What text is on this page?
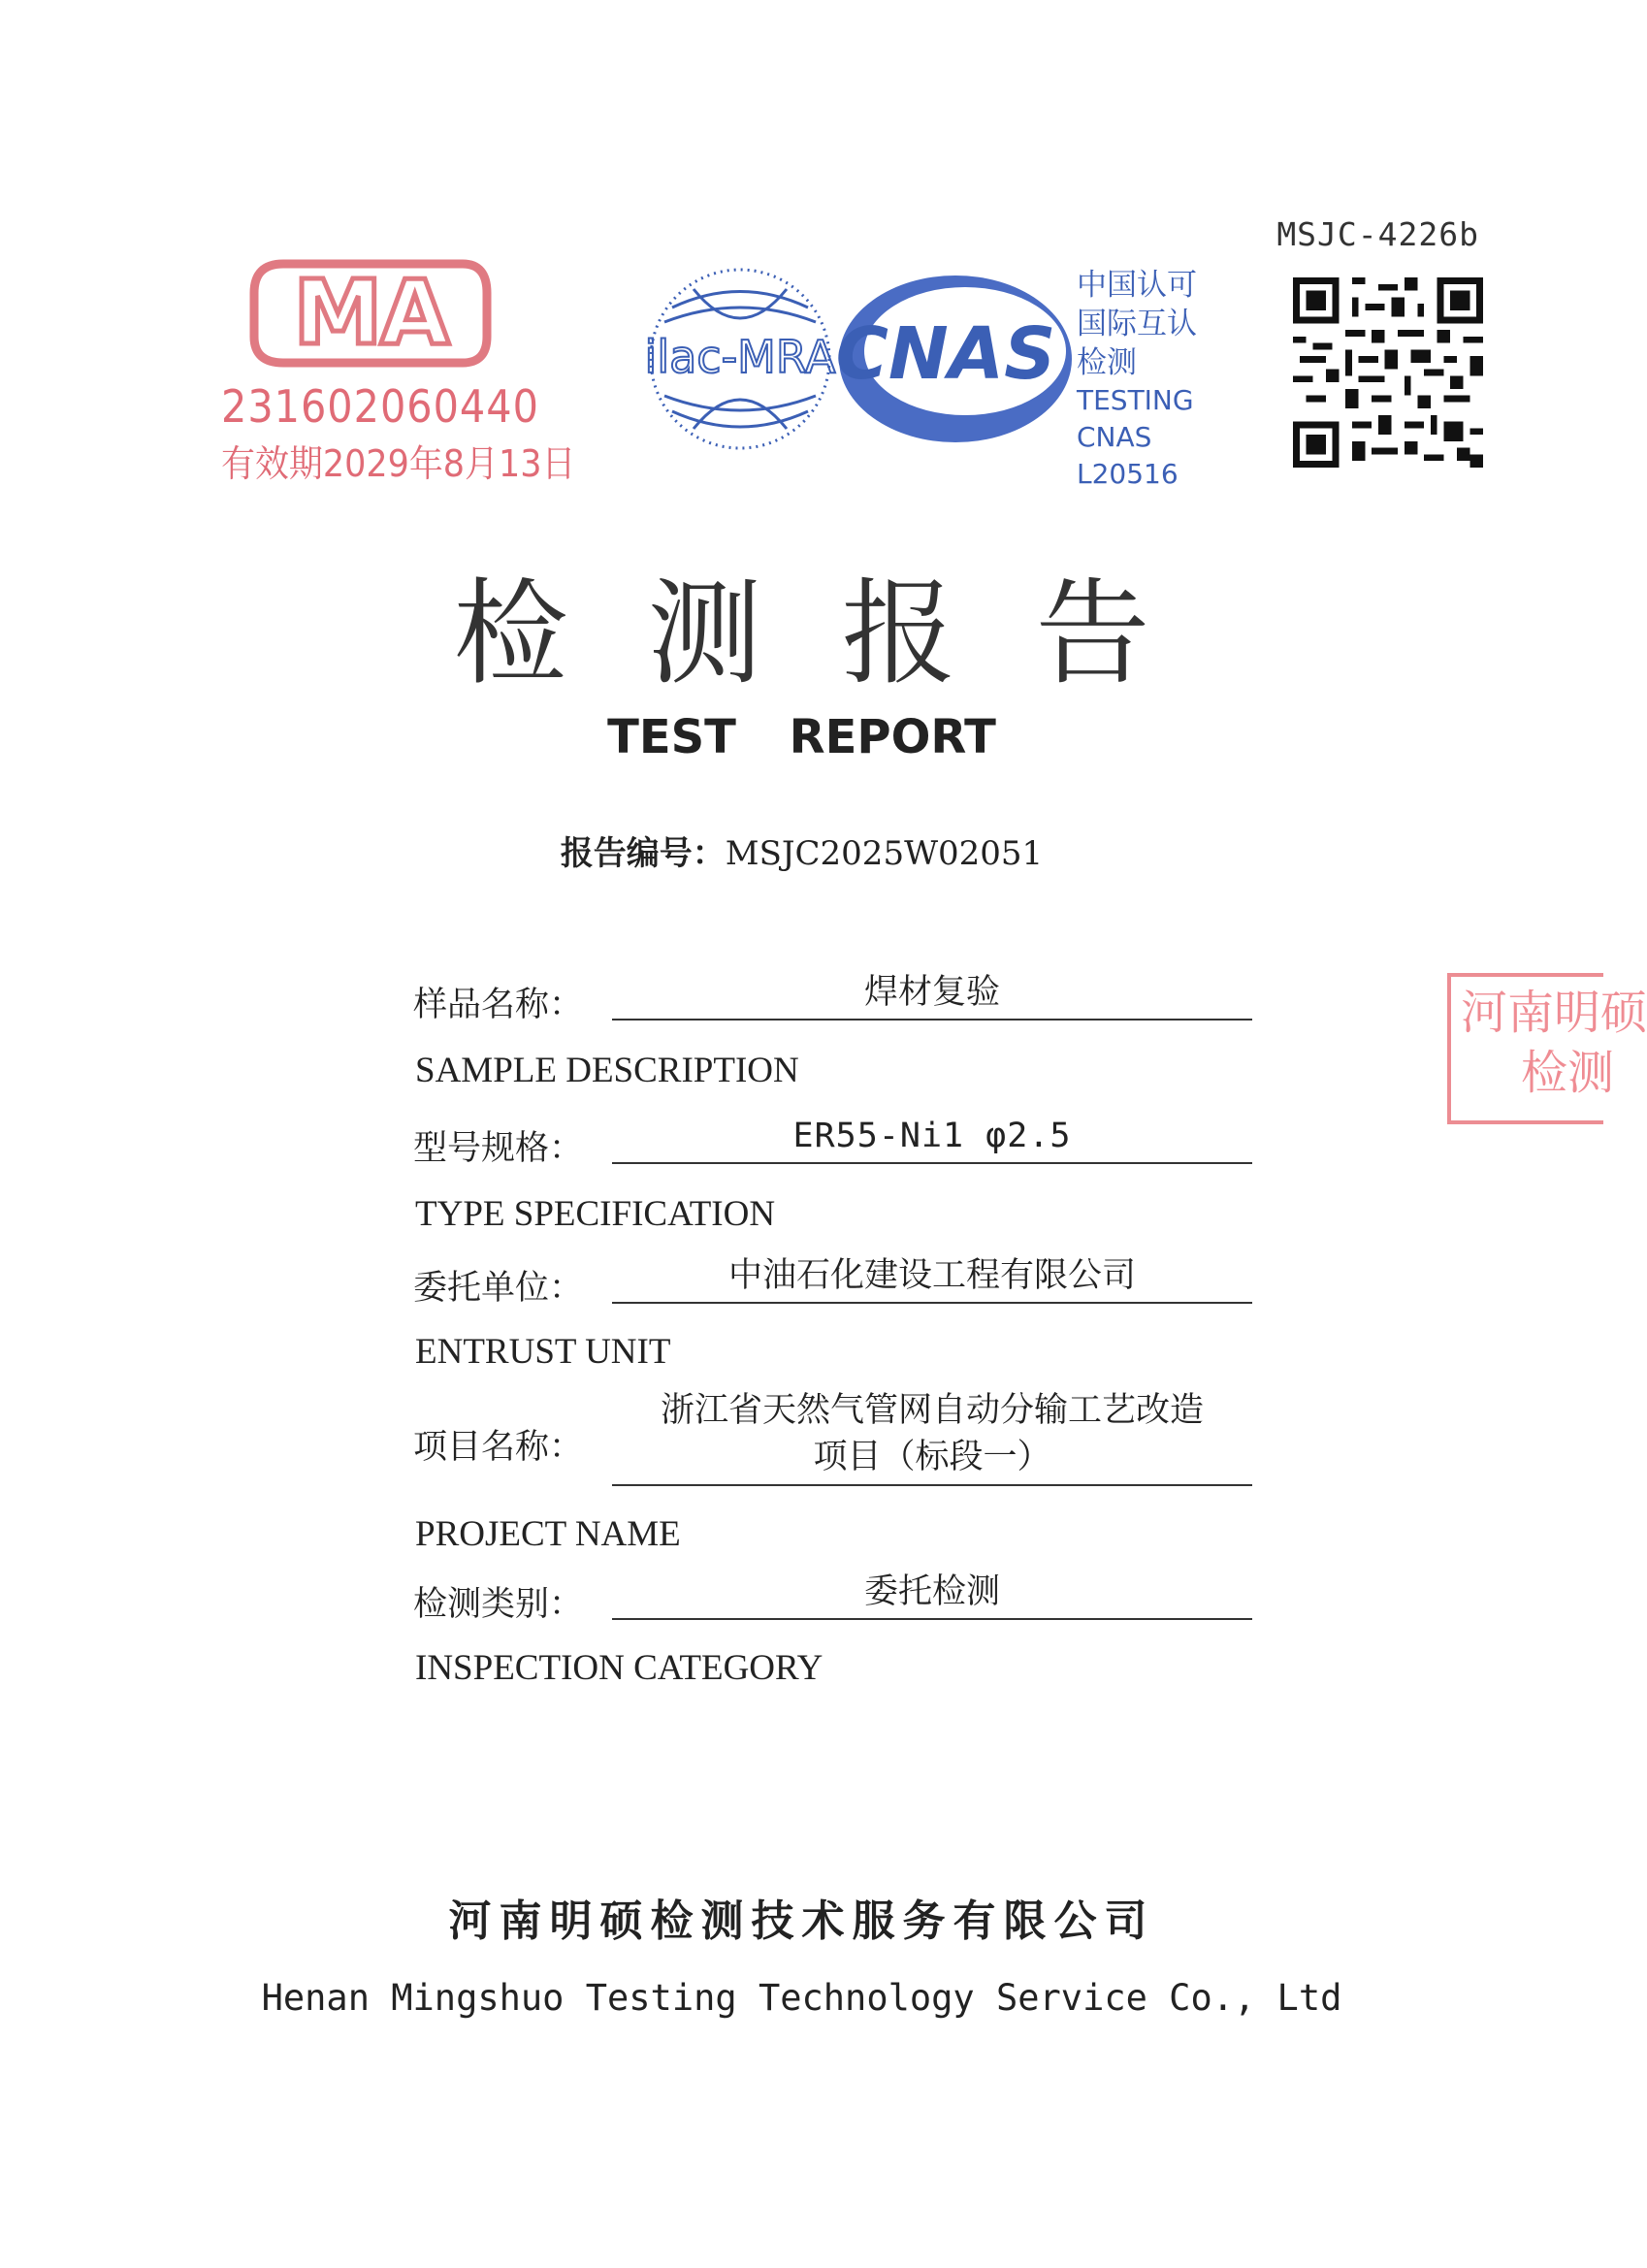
MSJC-4226b
MA
231602060440
有效期2029年8月13日
ilac-MRA CNAS
中国认可
国际互认
检测
TESTING
CNAS L20516
检测报告
TEST REPORT
报告编号：MSJC2025W02051
样品名称：	焊材复验
SAMPLE DESCRIPTION
型号规格：	ER55-Ni1 φ2.5
TYPE SPECIFICATION
委托单位：	中油石化建设工程有限公司
ENTRUST UNIT
项目名称：
浙江省天然气管网自动分输工艺改造
项目（标段一）
PROJECT NAME
检测类别：	委托检测
INSPECTION CATEGORY
河南明硕
检测
河南明硕检测技术服务有限公司
Henan Mingshuo Testing Technology Service Co., Ltd
